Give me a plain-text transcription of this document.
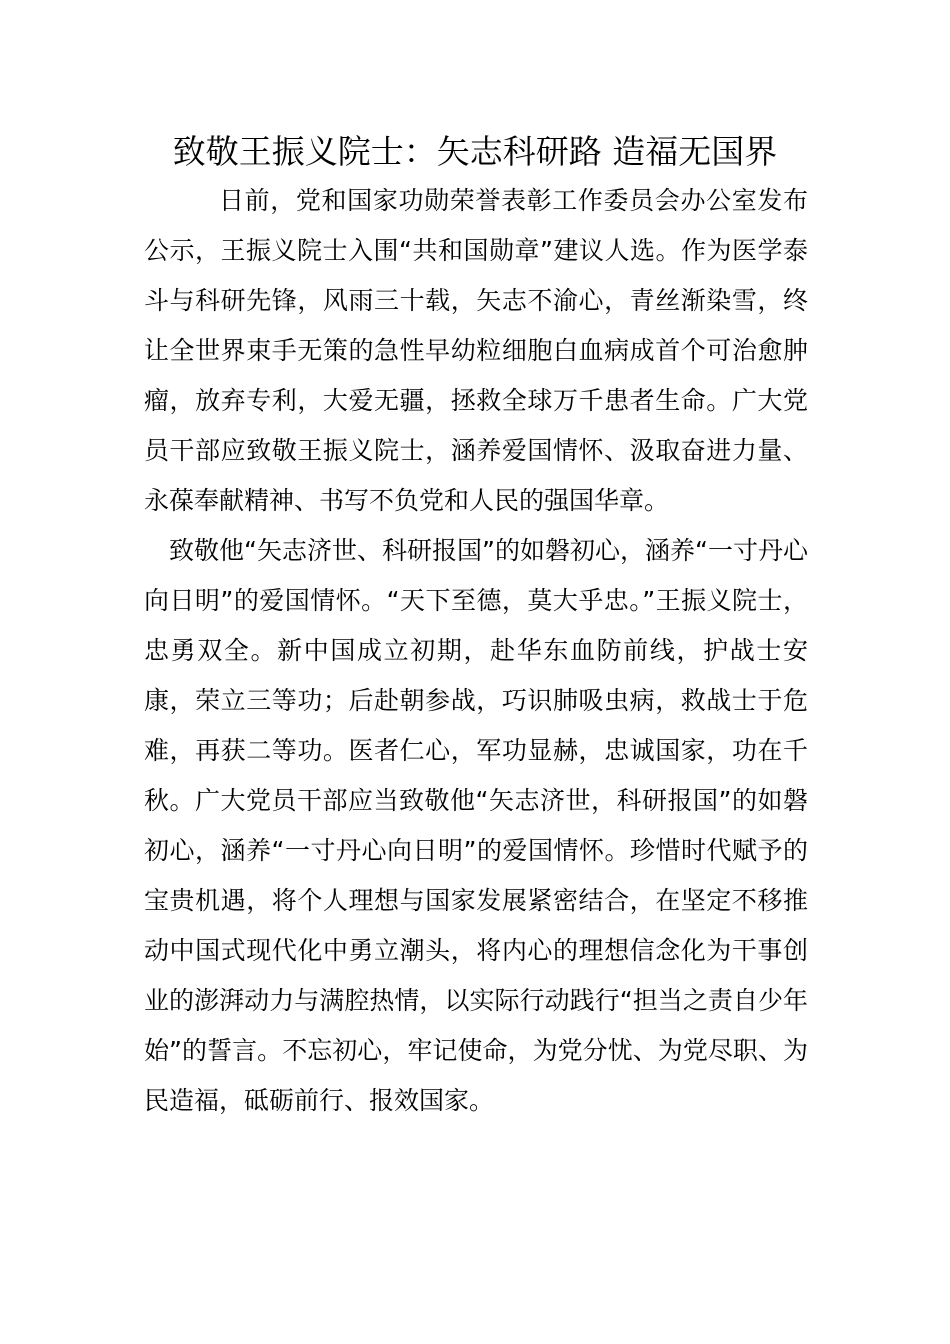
致敬王振义院士：矢志科研路 造福无国界

日前，党和国家功勋荣誉表彰工作委员会办公室发布公示，王振义院士入围“共和国勋章”建议人选。作为医学泰斗与科研先锋，风雨三十载，矢志不渝心，青丝渐染雪，终让全世界束手无策的急性早幼粒细胞白血病成首个可治愈肿瘤，放弃专利，大爱无疆，拯救全球万千患者生命。广大党员干部应致敬王振义院士，涵养爱国情怀、汲取奋进力量、永葆奉献精神、书写不负党和人民的强国华章。

致敬他“矢志济世、科研报国”的如磐初心，涵养“一寸丹心向日明”的爱国情怀。“天下至德，莫大乎忠。”王振义院士，忠勇双全。新中国成立初期，赴华东血防前线，护战士安康，荣立三等功；后赴朝参战，巧识肺吸虫病，救战士于危难，再获二等功。医者仁心，军功显赫，忠诚国家，功在千秋。广大党员干部应当致敬他“矢志济世，科研报国”的如磐初心，涵养“一寸丹心向日明”的爱国情怀。珍惜时代赋予的宝贵机遇，将个人理想与国家发展紧密结合，在坚定不移推动中国式现代化中勇立潮头，将内心的理想信念化为干事创业的澎湃动力与满腔热情，以实际行动践行“担当之责自少年始”的誓言。不忘初心，牢记使命，为党分忧、为党尽职、为民造福，砥砺前行、报效国家。
